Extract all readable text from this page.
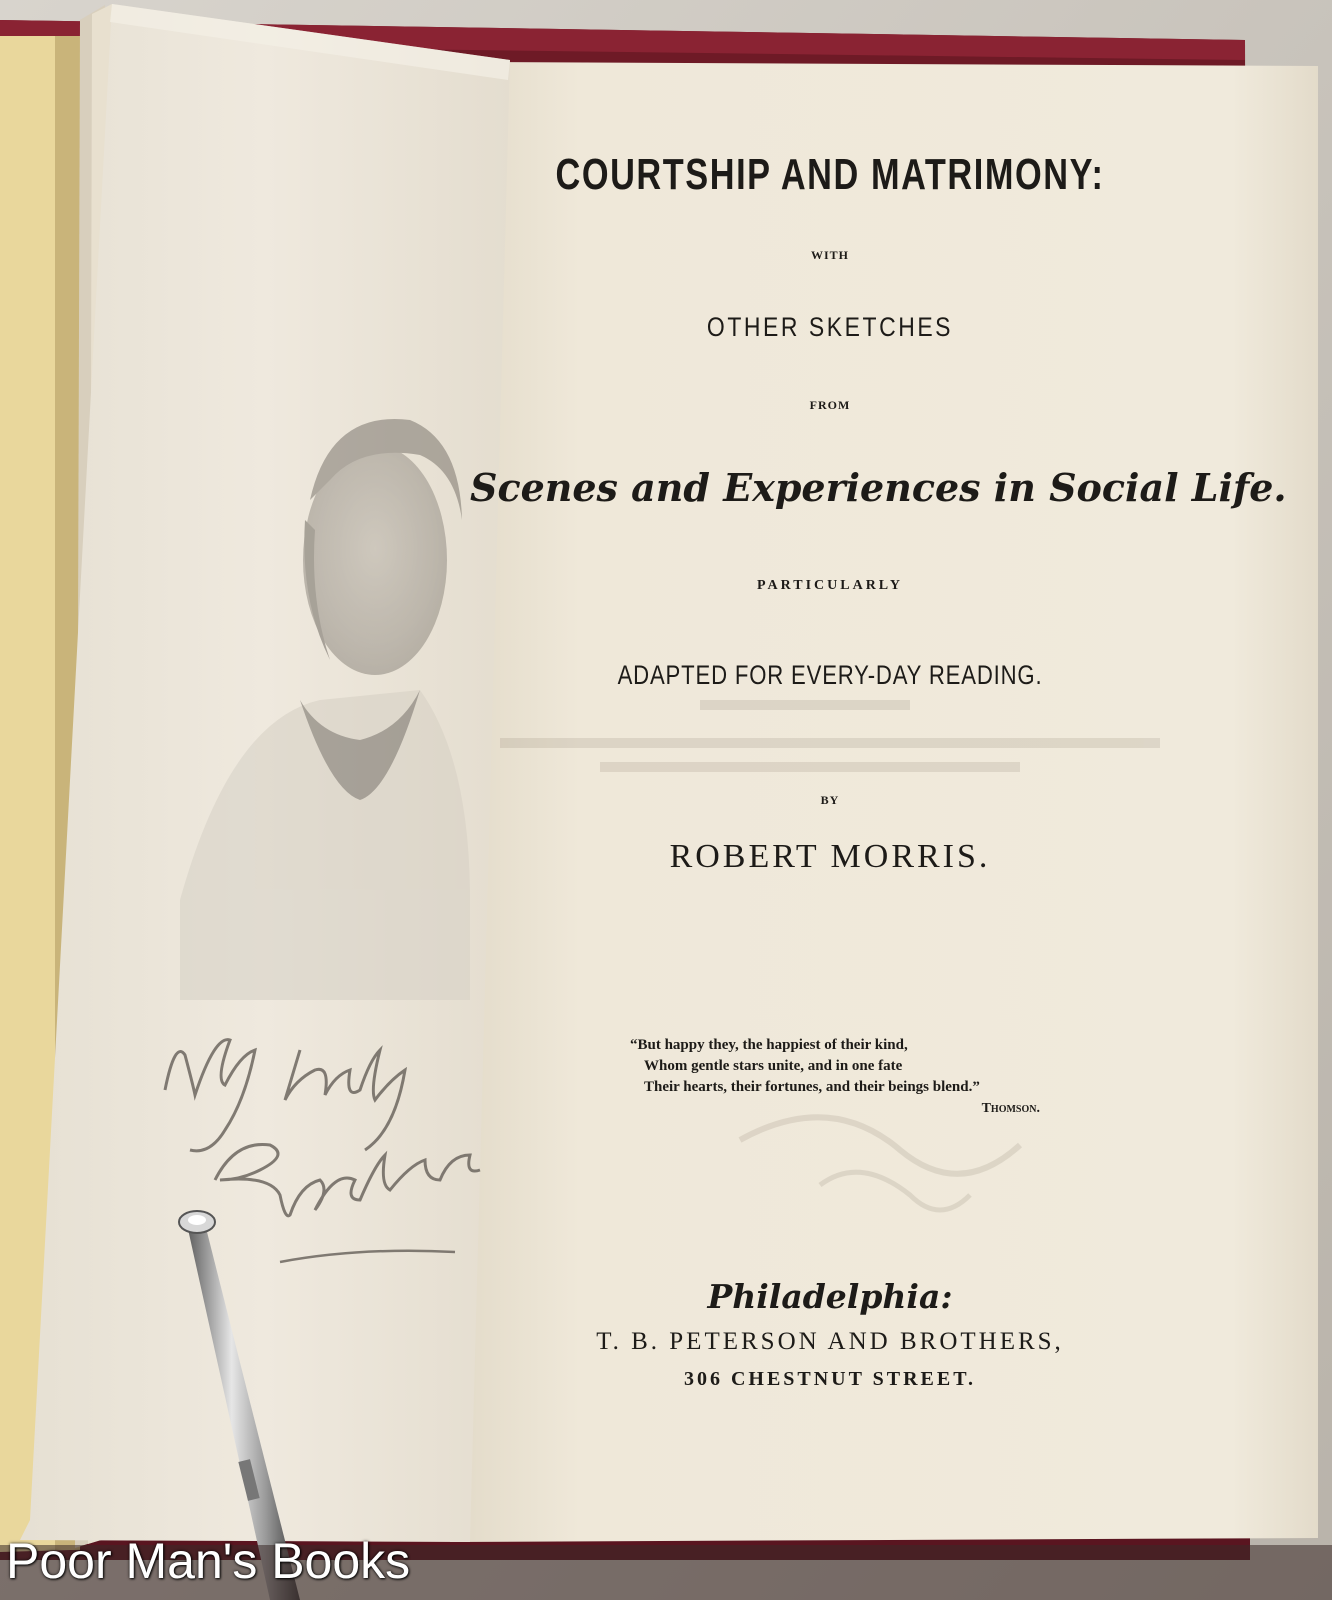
COURTSHIP AND MATRIMONY:

WITH

OTHER SKETCHES

FROM

Scenes and Experiences in Social Life.

PARTICULARLY

ADAPTED FOR EVERY-DAY READING.

BY

ROBERT MORRIS.

“But happy they, the happiest of their kind,

Whom gentle stars unite, and in one fate

Their hearts, their fortunes, and their beings blend.”

Thomson.

Philadelphia:

T. B. PETERSON AND BROTHERS,

306 CHESTNUT STREET.

Poor Man's Books
